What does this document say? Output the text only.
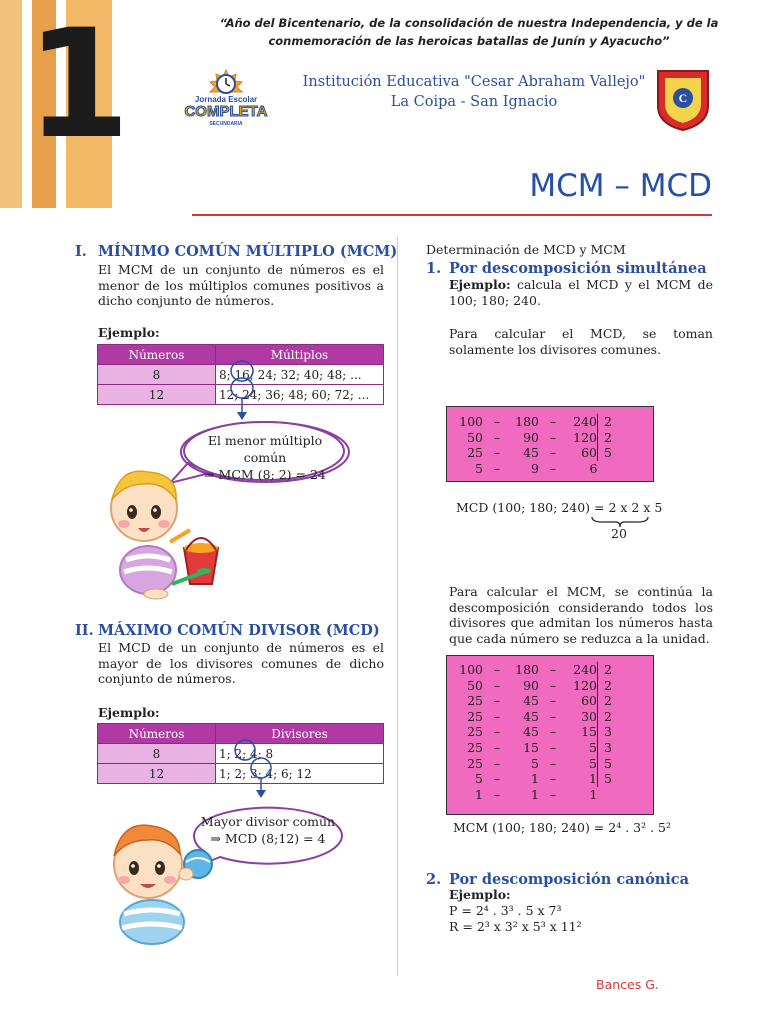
1	“Año del Bicentenario, de la consolidación de nuestra Independencia, y de la conmemoración de las heroicas batallas de Junín y Ayacucho”
Jornada Escolar
COMPLETA
SECUNDARIA
Institución Educativa "Cesar Abraham Vallejo"
La Coipa - San Ignacio	C
MCM – MCD
I. MÍNIMO COMÚN MÚLTIPLO (MCM)
El MCM de un conjunto de números es el menor de los múltiplos comunes positivos a dicho conjunto de números.
Ejemplo:
Números	Múltiplos
8	8; 16; 24; 32; 40; 48; ...
12	12; 24; 36; 48; 60; 72; ...
El menor múltiplo
común
⇒ MCM (8; 2) = 24
II. MÁXIMO COMÚN DIVISOR (MCD)
El MCD de un conjunto de números es el mayor de los divisores comunes de dicho conjunto de números.
Ejemplo:
Números	Divisores
8	1; 2; 4; 8
12	1; 2; 3; 4; 6; 12
Mayor divisor común
⇒ MCD (8;12) = 4
Determinación de MCD y MCM
1. Por descomposición simultánea
Ejemplo: calcula el MCD y el MCM de 100; 180; 240.
Para calcular el MCD, se toman solamente los divisores comunes.
100	–	180	–	240	2
50	–	90	–	120	2
25	–	45	–	60	5
5	–	9	–	6	
MCD (100; 180; 240) = 2 x 2 x 5
20
Para calcular el MCM, se continúa la descomposición considerando todos los divisores que admitan los números hasta que cada número se reduzca a la unidad.
100	–	180	–	240	2
50	–	90	–	120	2
25	–	45	–	60	2
25	–	45	–	30	2
25	–	45	–	15	3
25	–	15	–	5	3
25	–	5	–	5	5
5	–	1	–	1	5
1	–	1	–	1	
MCM (100; 180; 240) = 2⁴ . 3² . 5²
2. Por descomposición canónica
Ejemplo:
P = 2⁴ . 3³ . 5 x 7³
R = 2³ x 3² x 5³ x 11²
Bances G.
